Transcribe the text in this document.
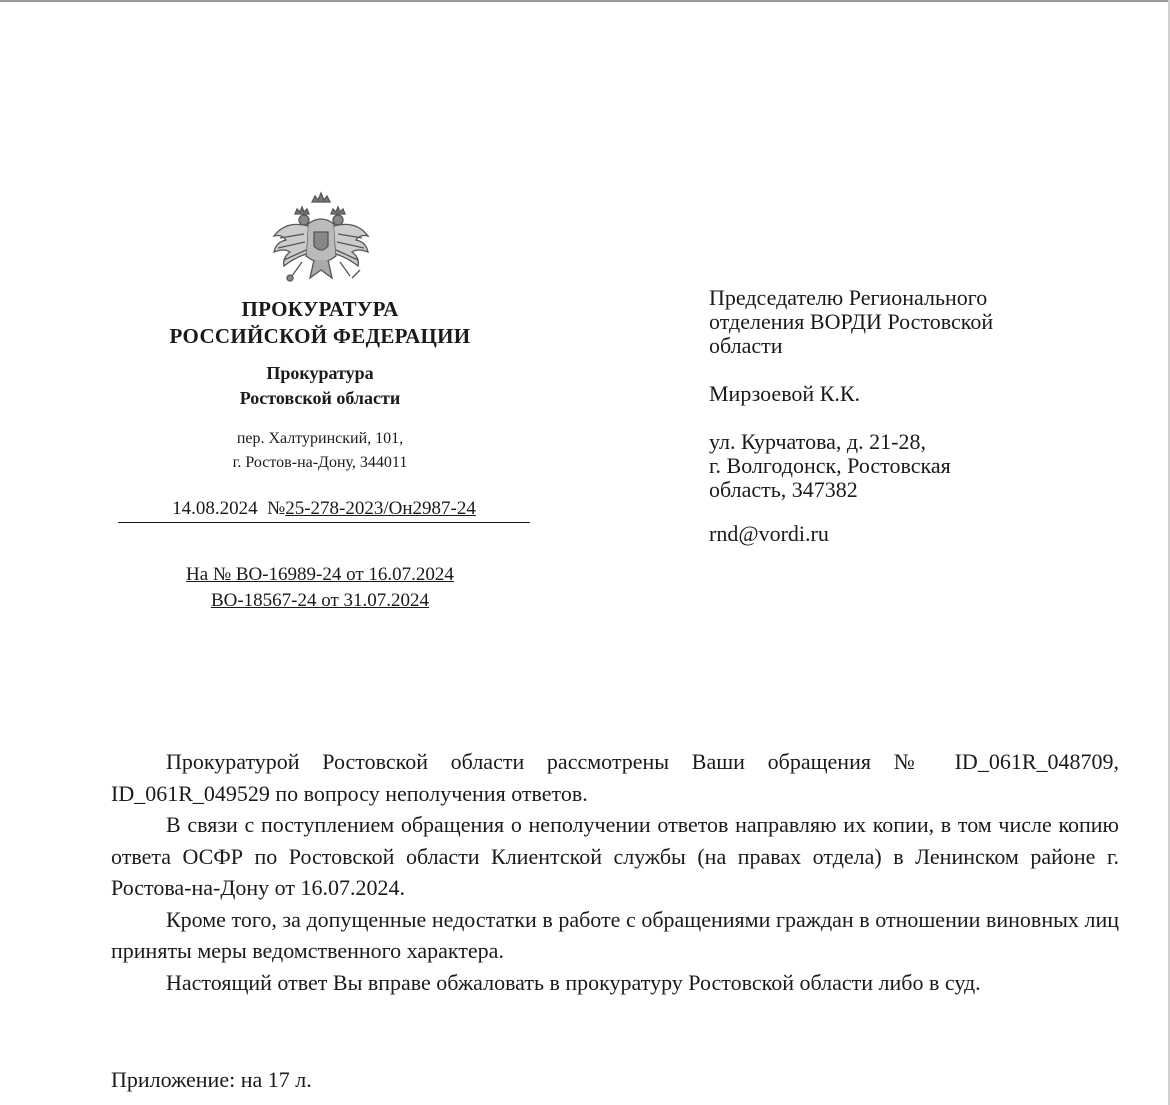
ПРОКУРАТУРА
РОССИЙСКОЙ ФЕДЕРАЦИИ
Прокуратура
Ростовской области
пер. Халтуринский, 101,
г. Ростов-на-Дону, 344011
14.08.2024 №25-278-2023/Он2987-24
На № ВО-16989-24 от 16.07.2024
ВО-18567-24 от 31.07.2024

Председателю Регионального

отделения ВОРДИ Ростовской

области

Мирзоевой К.К.

ул. Курчатова, д. 21-28,

г. Волгодонск, Ростовская

область, 347382

rnd@vordi.ru

Прокуратурой Ростовской области рассмотрены Ваши обращения № ID_061R_048709, ID_061R_049529 по вопросу неполучения ответов.

В связи с поступлением обращения о неполучении ответов направляю их копии, в том числе копию ответа ОСФР по Ростовской области Клиентской службы (на правах отдела) в Ленинском районе г. Ростова-на-Дону от 16.07.2024.

Кроме того, за допущенные недостатки в работе с обращениями граждан в отношении виновных лиц приняты меры ведомственного характера.

Настоящий ответ Вы вправе обжаловать в прокуратуру Ростовской области либо в суд.

Приложение: на 17 л.
